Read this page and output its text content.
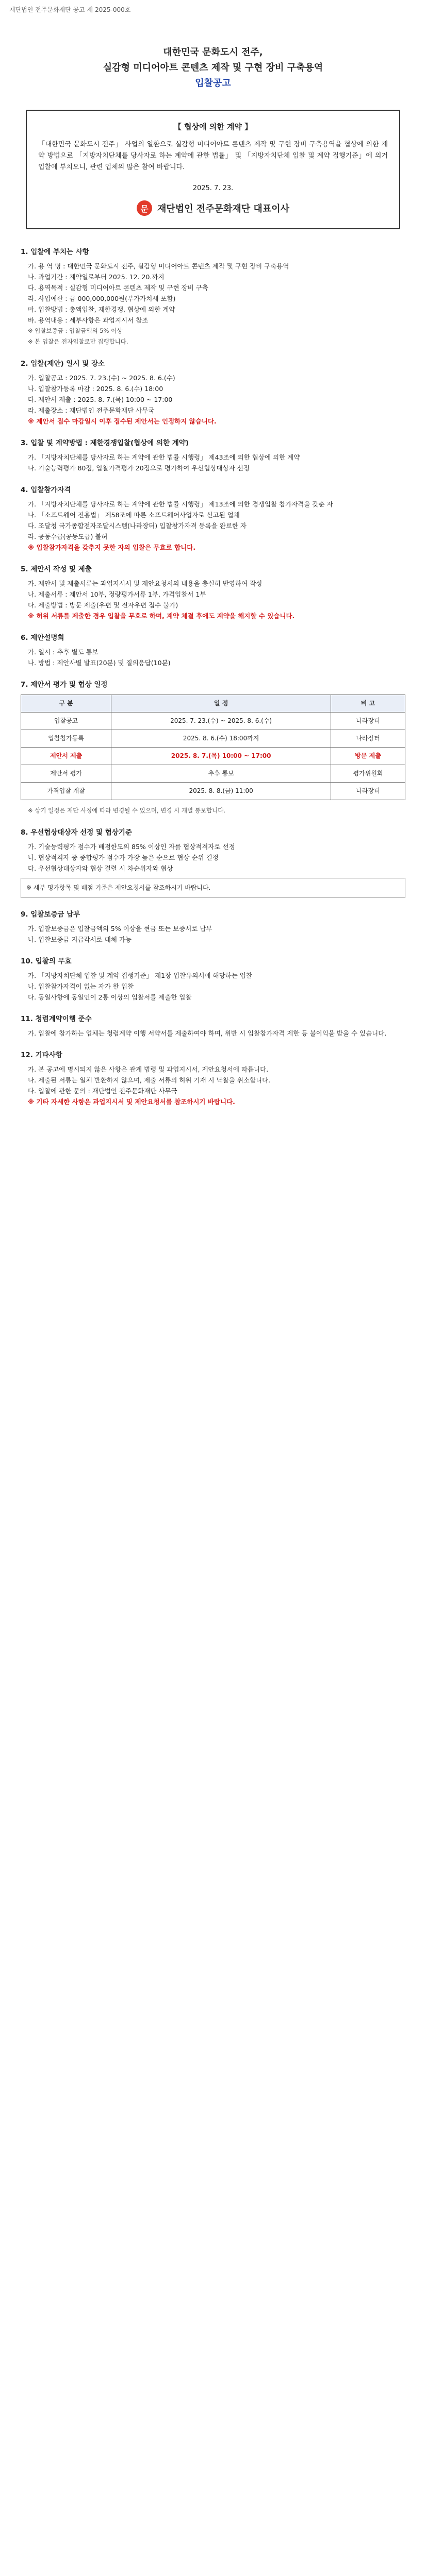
재단법인 전주문화재단 공고 제 2025-000호
대한민국 문화도시 전주,
실감형 미디어아트 콘텐츠 제작 및 구현 장비 구축용역
입찰공고
【 협상에 의한 계약 】
「대한민국 문화도시 전주」 사업의 일환으로 실감형 미디어아트 콘텐츠 제작 및 구현 장비 구축용역을 협상에 의한 계약 방법으로 「지방자치단체를 당사자로 하는 계약에 관한 법률」 및 「지방자치단체 입찰 및 계약 집행기준」에 의거 입찰에 부치오니, 관련 업체의 많은 참여 바랍니다.
2025. 7. 23.
문 재단법인 전주문화재단 대표이사
1. 입찰에 부치는 사항
가. 용 역 명 : 대한민국 문화도시 전주, 실감형 미디어아트 콘텐츠 제작 및 구현 장비 구축용역
나. 과업기간 : 계약일로부터 2025. 12. 20.까지
다. 용역목적 : 실감형 미디어아트 콘텐츠 제작 및 구현 장비 구축
라. 사업예산 : 금 000,000,000원(부가가치세 포함)
마. 입찰방법 : 총액입찰, 제한경쟁, 협상에 의한 계약
바. 용역내용 : 세부사항은 과업지시서 참조
※ 입찰보증금 : 입찰금액의 5% 이상
※ 본 입찰은 전자입찰로만 집행합니다.
2. 입찰(제안) 일시 및 장소
가. 입찰공고 : 2025. 7. 23.(수) ~ 2025. 8. 6.(수)
나. 입찰참가등록 마감 : 2025. 8. 6.(수) 18:00
다. 제안서 제출 : 2025. 8. 7.(목) 10:00 ~ 17:00
라. 제출장소 : 재단법인 전주문화재단 사무국
※ 제안서 접수 마감일시 이후 접수된 제안서는 인정하지 않습니다.
3. 입찰 및 계약방법 : 제한경쟁입찰(협상에 의한 계약)
가. 「지방자치단체를 당사자로 하는 계약에 관한 법률 시행령」 제43조에 의한 협상에 의한 계약
나. 기술능력평가 80점, 입찰가격평가 20점으로 평가하여 우선협상대상자 선정
4. 입찰참가자격
가. 「지방자치단체를 당사자로 하는 계약에 관한 법률 시행령」 제13조에 의한 경쟁입찰 참가자격을 갖춘 자
나. 「소프트웨어 진흥법」 제58조에 따른 소프트웨어사업자로 신고된 업체
다. 조달청 국가종합전자조달시스템(나라장터) 입찰참가자격 등록을 완료한 자
라. 공동수급(공동도급) 불허
※ 입찰참가자격을 갖추지 못한 자의 입찰은 무효로 합니다.
5. 제안서 작성 및 제출
가. 제안서 및 제출서류는 과업지시서 및 제안요청서의 내용을 충실히 반영하여 작성
나. 제출서류 : 제안서 10부, 정량평가서류 1부, 가격입찰서 1부
다. 제출방법 : 방문 제출(우편 및 전자우편 접수 불가)
※ 허위 서류를 제출한 경우 입찰을 무효로 하며, 계약 체결 후에도 계약을 해지할 수 있습니다.
6. 제안설명회
가. 일시 : 추후 별도 통보
나. 방법 : 제안사별 발표(20분) 및 질의응답(10분)
7. 제안서 평가 및 협상 일정
구 분	일 정	비 고
입찰공고	2025. 7. 23.(수) ~ 2025. 8. 6.(수)	나라장터
입찰참가등록	2025. 8. 6.(수) 18:00까지	나라장터
제안서 제출	2025. 8. 7.(목) 10:00 ~ 17:00	방문 제출
제안서 평가	추후 통보	평가위원회
가격입찰 개찰	2025. 8. 8.(금) 11:00	나라장터
※ 상기 일정은 재단 사정에 따라 변경될 수 있으며, 변경 시 개별 통보합니다.
8. 우선협상대상자 선정 및 협상기준
가. 기술능력평가 점수가 배점한도의 85% 이상인 자를 협상적격자로 선정
나. 협상적격자 중 종합평가 점수가 가장 높은 순으로 협상 순위 결정
다. 우선협상대상자와 협상 결렬 시 차순위자와 협상
※ 세부 평가항목 및 배점 기준은 제안요청서를 참조하시기 바랍니다.
9. 입찰보증금 납부
가. 입찰보증금은 입찰금액의 5% 이상을 현금 또는 보증서로 납부
나. 입찰보증금 지급각서로 대체 가능
10. 입찰의 무효
가. 「지방자치단체 입찰 및 계약 집행기준」 제1장 입찰유의서에 해당하는 입찰
나. 입찰참가자격이 없는 자가 한 입찰
다. 동일사항에 동일인이 2통 이상의 입찰서를 제출한 입찰
11. 청렴계약이행 준수
가. 입찰에 참가하는 업체는 청렴계약 이행 서약서를 제출하여야 하며, 위반 시 입찰참가자격 제한 등 불이익을 받을 수 있습니다.
12. 기타사항
가. 본 공고에 명시되지 않은 사항은 관계 법령 및 과업지시서, 제안요청서에 따릅니다.
나. 제출된 서류는 일체 반환하지 않으며, 제출 서류의 허위 기재 시 낙찰을 취소합니다.
다. 입찰에 관한 문의 : 재단법인 전주문화재단 사무국
※ 기타 자세한 사항은 과업지시서 및 제안요청서를 참조하시기 바랍니다.
